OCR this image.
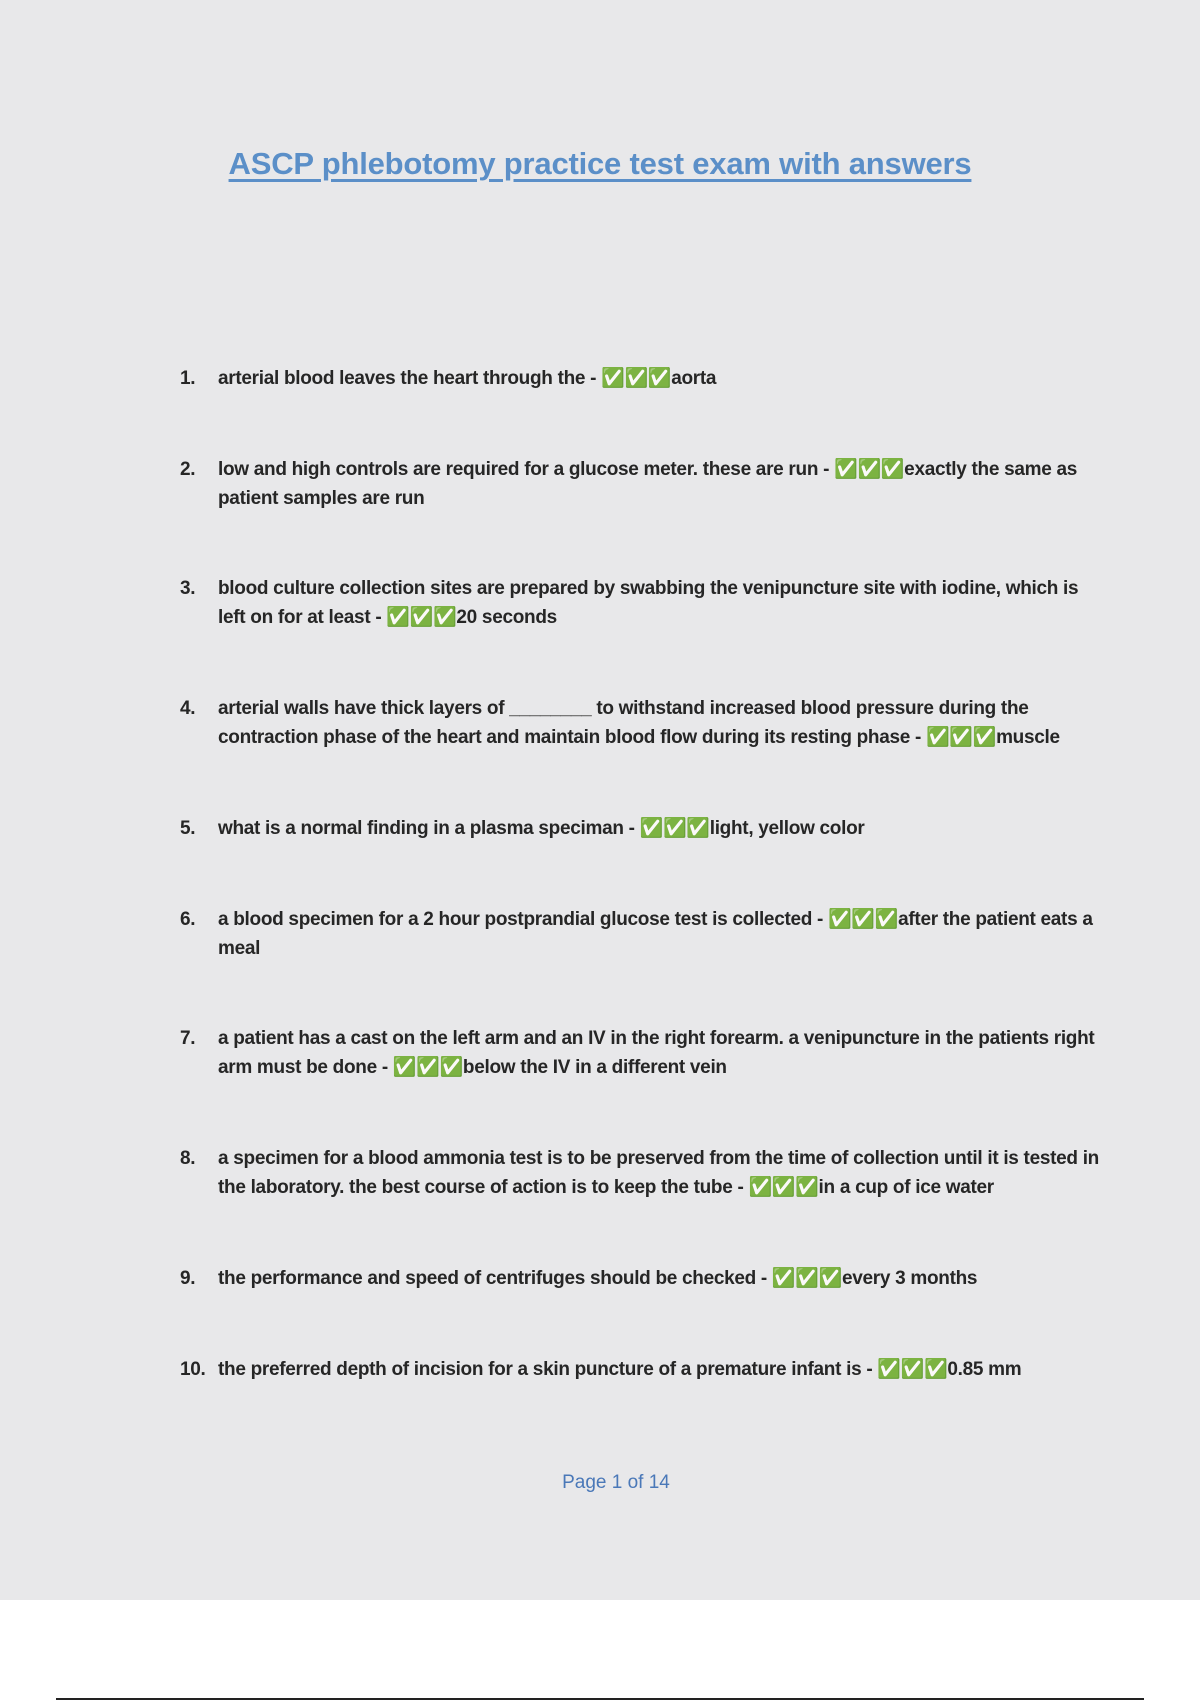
ASCP phlebotomy practice test exam with answers
1.	arterial blood leaves the heart through the - ✅✅✅aorta
2.	low and high controls are required for a glucose meter. these are run - ✅✅✅exactly the same as patient samples are run
3.	blood culture collection sites are prepared by swabbing the venipuncture site with iodine, which is left on for at least - ✅✅✅20 seconds
4.	arterial walls have thick layers of ________ to withstand increased blood pressure during the contraction phase of the heart and maintain blood flow during its resting phase - ✅✅✅muscle
5.	what is a normal finding in a plasma speciman - ✅✅✅light, yellow color
6.	a blood specimen for a 2 hour postprandial glucose test is collected - ✅✅✅after the patient eats a meal
7.	a patient has a cast on the left arm and an IV in the right forearm. a venipuncture in the patients right arm must be done - ✅✅✅below the IV in a different vein
8.	a specimen for a blood ammonia test is to be preserved from the time of collection until it is tested in the laboratory. the best course of action is to keep the tube - ✅✅✅in a cup of ice water
9.	the performance and speed of centrifuges should be checked - ✅✅✅every 3 months
10. the preferred depth of incision for a skin puncture of a premature infant is - ✅✅✅0.85 mm
Page 1 of 14
